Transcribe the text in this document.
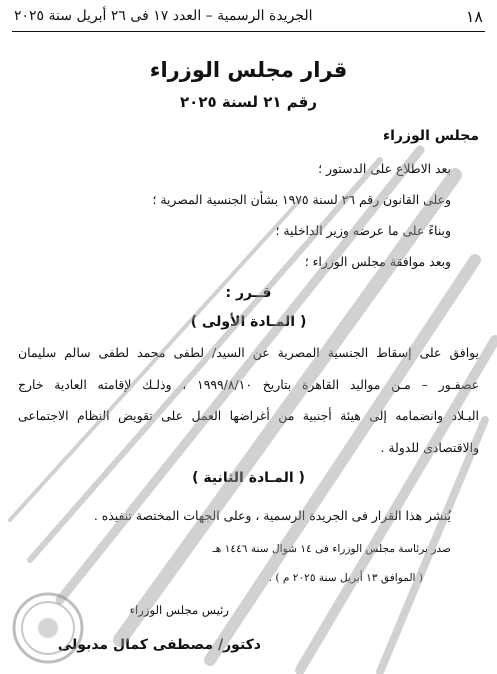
١٨
الجريدة الرسمية – العدد ١٧ فى ٢٦ أبريل سنة ٢٠٢٥
قرار مجلس الوزراء
رقم ٢١ لسنة ٢٠٢٥
مجلس الوزراء
بعد الاطلاع على الدستور ؛
وعلى القانون رقم ٢٦ لسنة ١٩٧٥ بشأن الجنسية المصرية ؛
وبناءً على ما عرضه وزير الداخلية ؛
وبعد موافقة مجلس الوزراء ؛
قــرر :
( المـادة الأولى )
يوافق على إسقاط الجنسية المصرية عن السيد/ لطفى محمد لطفى سالم سليمان
عصفـور – مـن مواليد القاهرة بتاريخ ١٩٩٩/٨/١٠ ، وذلـك لإقامته العادية خارج
البـلاد وانضمامه إلى هيئة أجنبية من أغراضها العمل على تقويض النظام الاجتماعى
والاقتصادى للدولة .
( المـادة الثانية )
يُنشر هذا القرار فى الجريدة الرسمية ، وعلى الجهات المختصة تنفيذه .
صدر برئاسة مجلس الوزراء فى ١٤ شوال سنة ١٤٤٦ هـ
( الموافق ١٣ أبريل سنة ٢٠٢٥ م ) .
رئيس مجلس الوزراء
دكتور/ مصطفى كمال مدبولى
